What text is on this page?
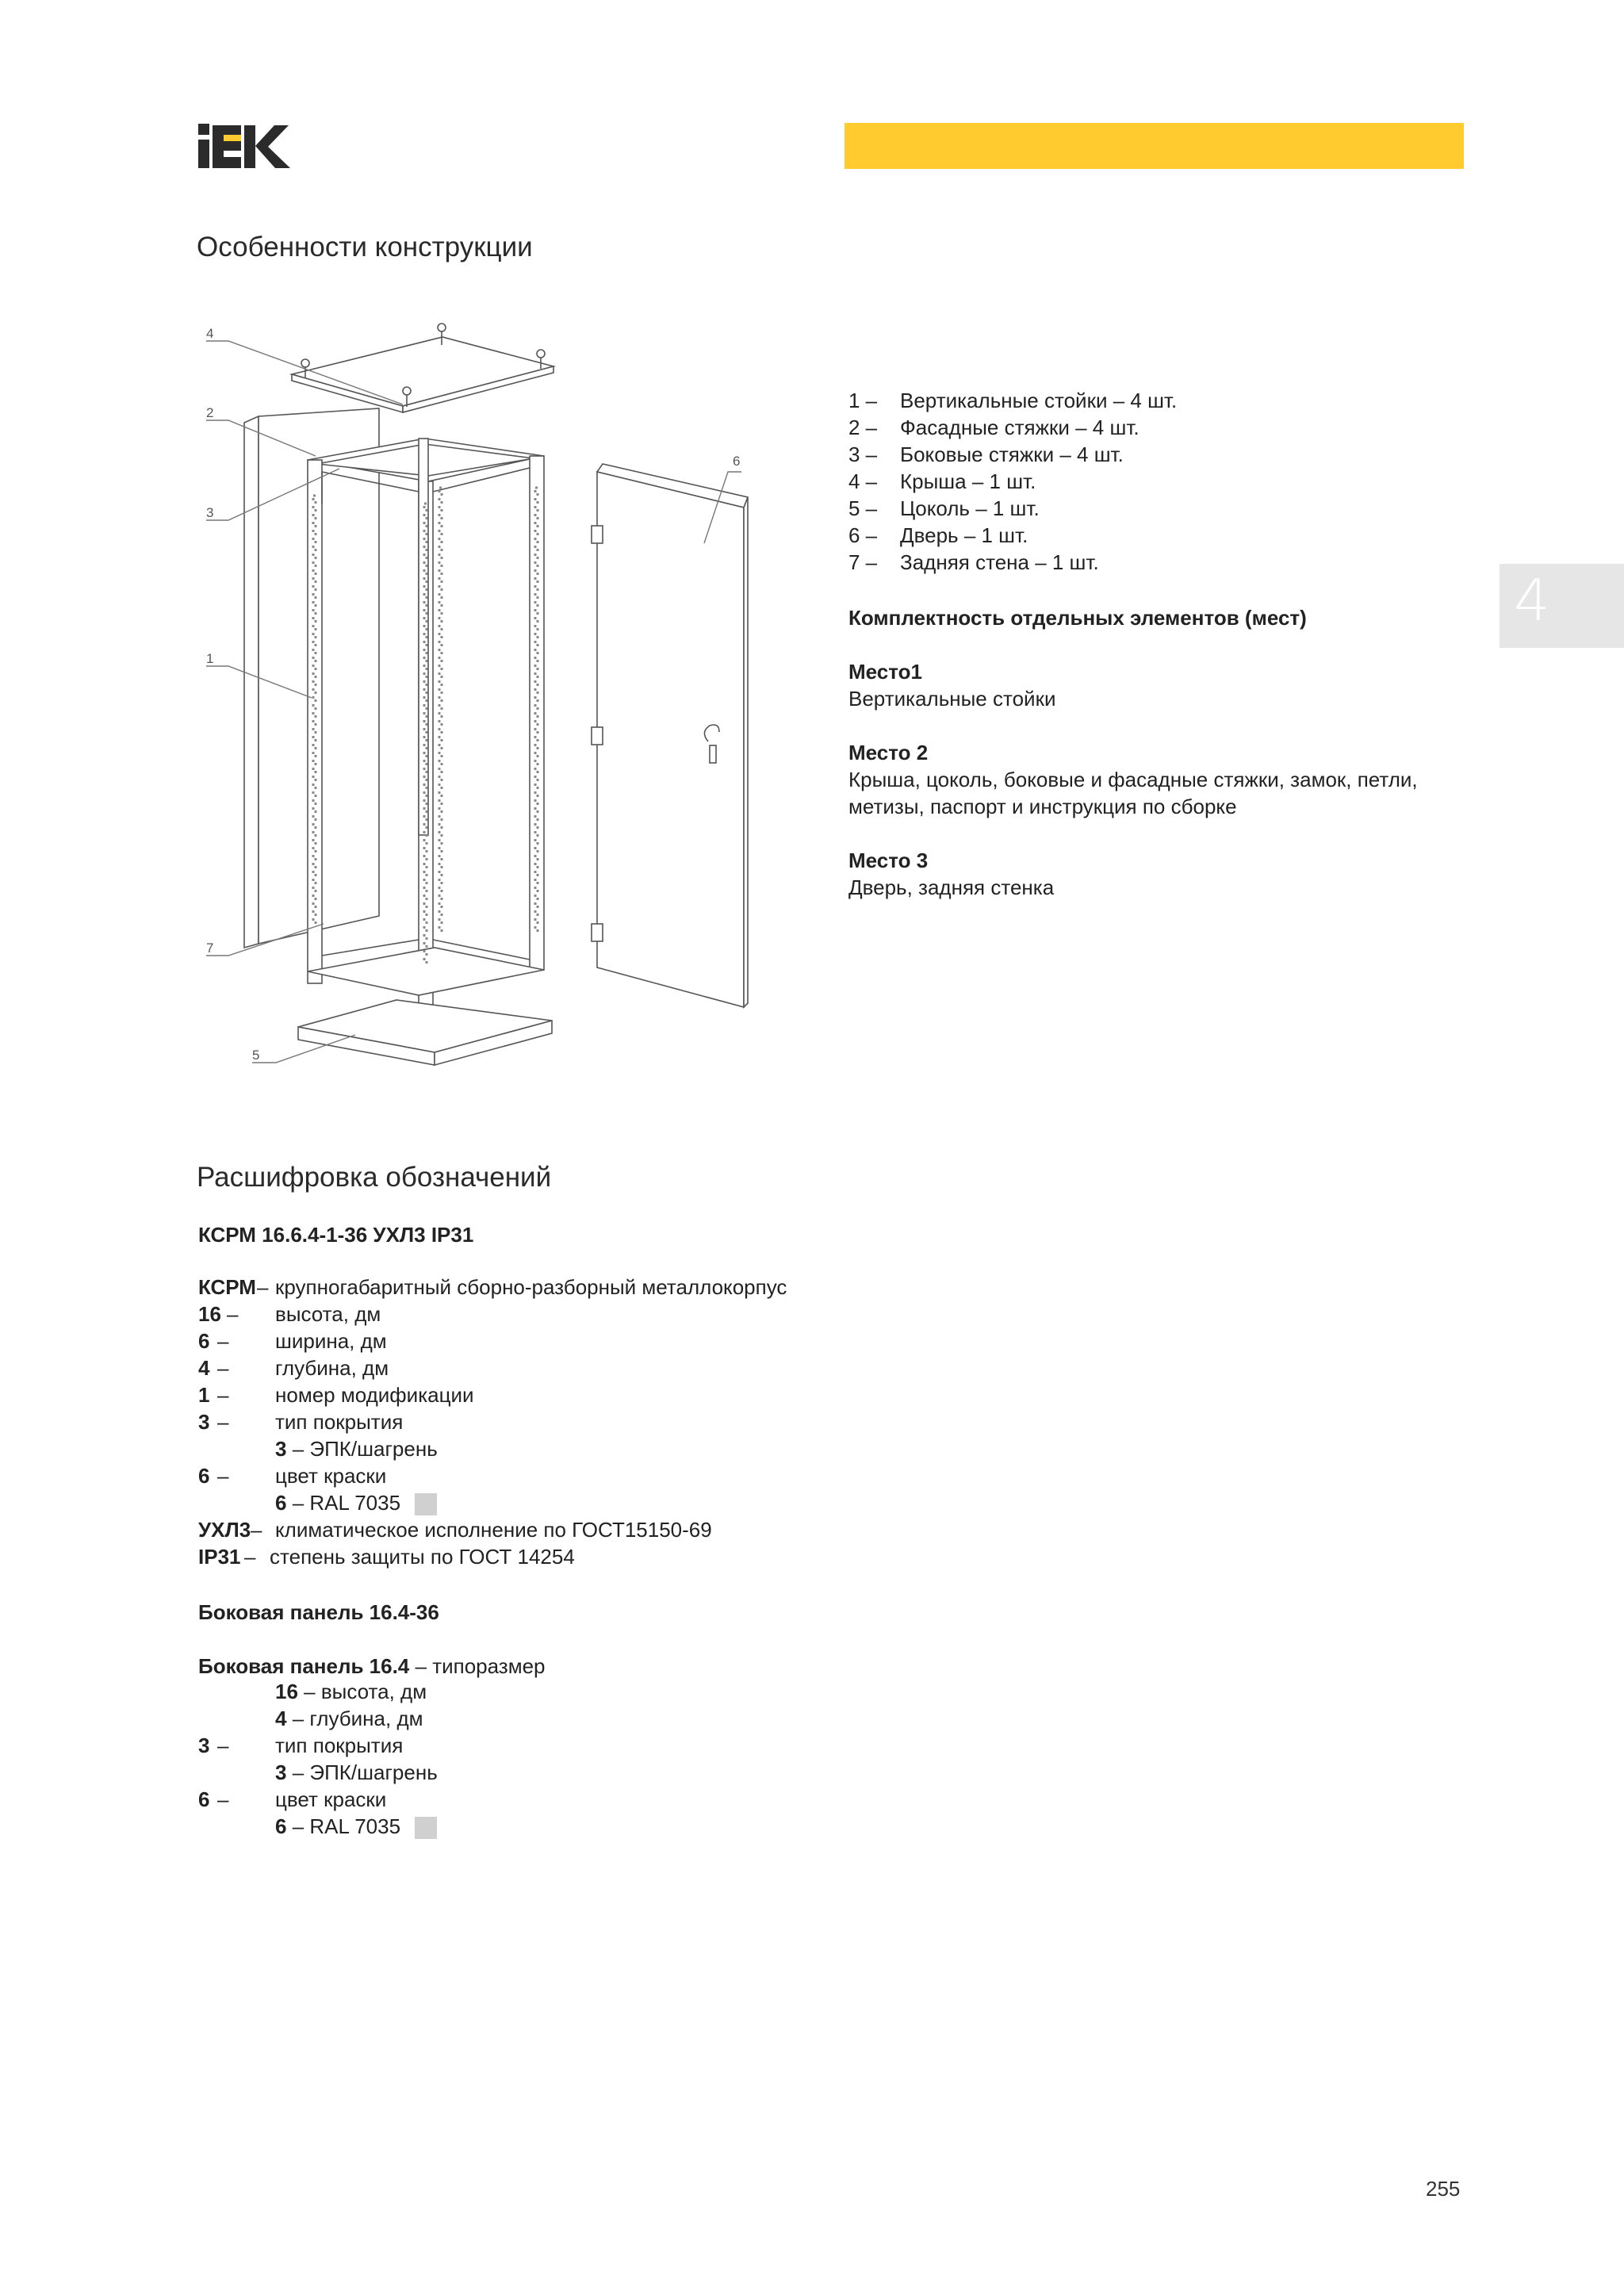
4
Особенности конструкции
4
2
3
1
7
5
6
1 –	Вертикальные стойки – 4 шт.
2 –	Фасадные стяжки – 4 шт.
3 –	Боковые стяжки – 4 шт.
4 –	Крыша – 1 шт.
5 –	Цоколь – 1 шт.
6 –	Дверь – 1 шт.
7 –	Задняя стена – 1 шт.
Комплектность отдельных элементов (мест)
Место1
Вертикальные стойки
Место 2
Крыша, цоколь, боковые и фасадные стяжки, замок, петли,
метизы, паспорт и инструкция по сборке
Место 3
Дверь, задняя стенка
Расшифровка обозначений
КСРМ 16.6.4-1-36 УХЛ3 IP31
КСРМ – крупногабаритный сборно-разборный металлокорпус
16 – высота, дм
6 – ширина, дм
4 – глубина, дм
1 – номер модификации
3 – тип покрытия
3 – ЭПК/шагрень
6 – цвет краски
6 – RAL 7035
УХЛ3 – климатическое исполнение по ГОСТ15150-69
IP31 – степень защиты по ГОСТ 14254
Боковая панель 16.4-36
Боковая панель 16.4 – типоразмер
16 – высота, дм
4 – глубина, дм
3 – тип покрытия
3 – ЭПК/шагрень
6 – цвет краски
6 – RAL 7035
255
